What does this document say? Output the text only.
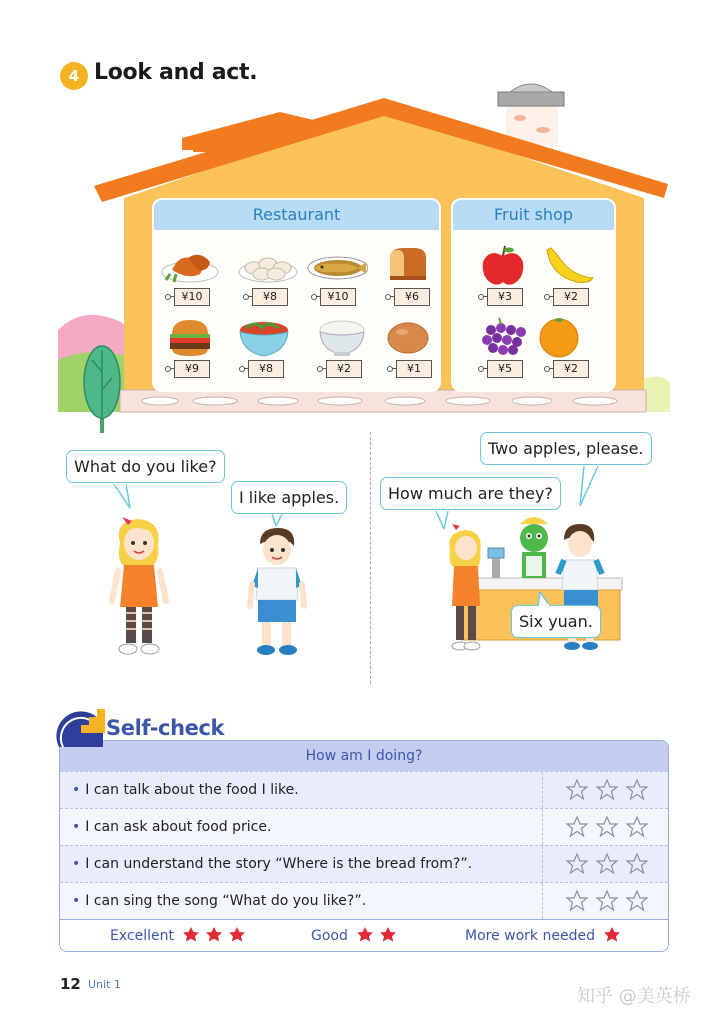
4 Look and act.
Restaurant
¥10	¥8	¥10	¥6
¥9	¥8	¥2	¥1
Fruit shop
¥3	¥2
¥5	¥2
What do you like?
I like apples.
Two apples, please.
How much are they?
Six yuan.
How am I doing?
• I can talk about the food I like.
• I can ask about food price.
• I can understand the story “Where is the bread from?”.
• I can sing the song “What do you like?”.
Excellent	Good	More work needed
Self-check
12 Unit 1
知乎 @美英桥
